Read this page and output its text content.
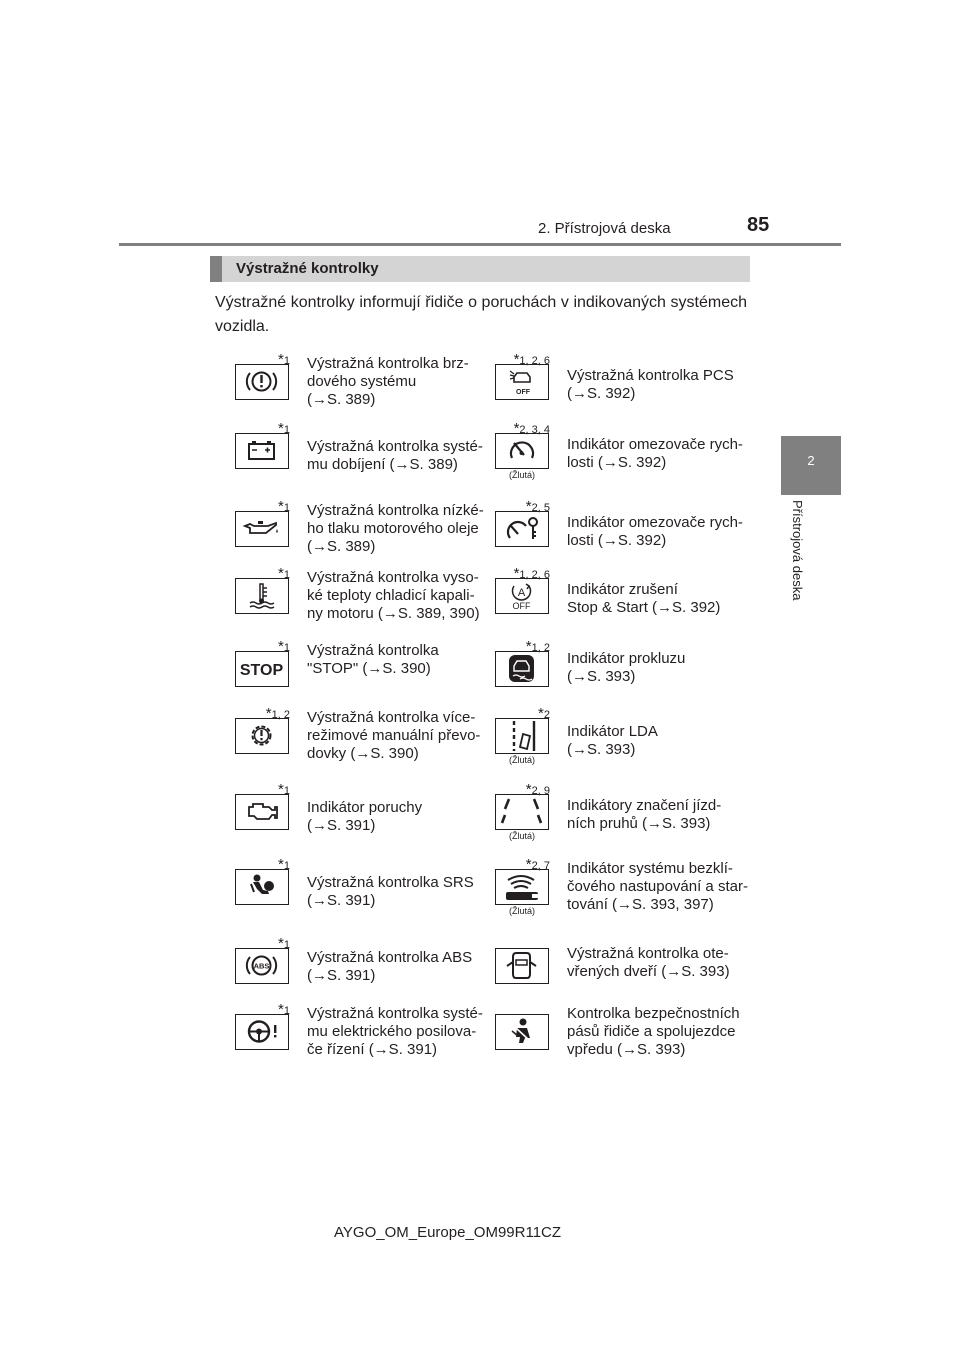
2. Přístrojová deska	85
2
Přístrojová deska
Výstražné kontrolky
Výstražné kontrolky informují řidiče o poruchách v indikovaných systémech vozidla.
*1 Výstražná kontrolka brz-
dového systému
(→S. 389)
*1
Výstražná kontrolka systé-
mu dobíjení (→S. 389)
*1 Výstražná kontrolka nízké-
ho tlaku motorového oleje
(→S. 389)
*1 Výstražná kontrolka vyso-
ké teploty chladicí kapali-
ny motoru (→S. 389, 390)
*1
STOP
Výstražná kontrolka
"STOP" (→S. 390)
*1, 2 Výstražná kontrolka více-
režimové manuální převo-
dovky (→S. 390)
*1
Indikátor poruchy
(→S. 391)
*1
Výstražná kontrolka SRS
(→S. 391)
*1
ABS	Výstražná kontrolka ABS
(→S. 391)
*1 Výstražná kontrolka systé-
mu elektrického posilova-
če řízení (→S. 391)
*1, 2, 6
OFF
Výstražná kontrolka PCS
(→S. 392)
*2, 3, 4
(Žlutá)
Indikátor omezovače rych-
losti (→S. 392)
*2, 5
Indikátor omezovače rych-
losti (→S. 392)
*1, 2, 6
A
OFF
Indikátor zrušení
Stop & Start (→S. 392)
*1, 2
Indikátor prokluzu
(→S. 393)
*2
(Žlutá)
Indikátor LDA
(→S. 393)
*2, 9
(Žlutá)
Indikátory značení jízd-
ních pruhů (→S. 393)
*2, 7
(Žlutá)
Indikátor systému bezklí-
čového nastupování a star-
tování (→S. 393, 397)
Výstražná kontrolka ote-
vřených dveří (→S. 393)
Kontrolka bezpečnostních
pásů řidiče a spolujezdce
vpředu (→S. 393)
AYGO_OM_Europe_OM99R11CZ
